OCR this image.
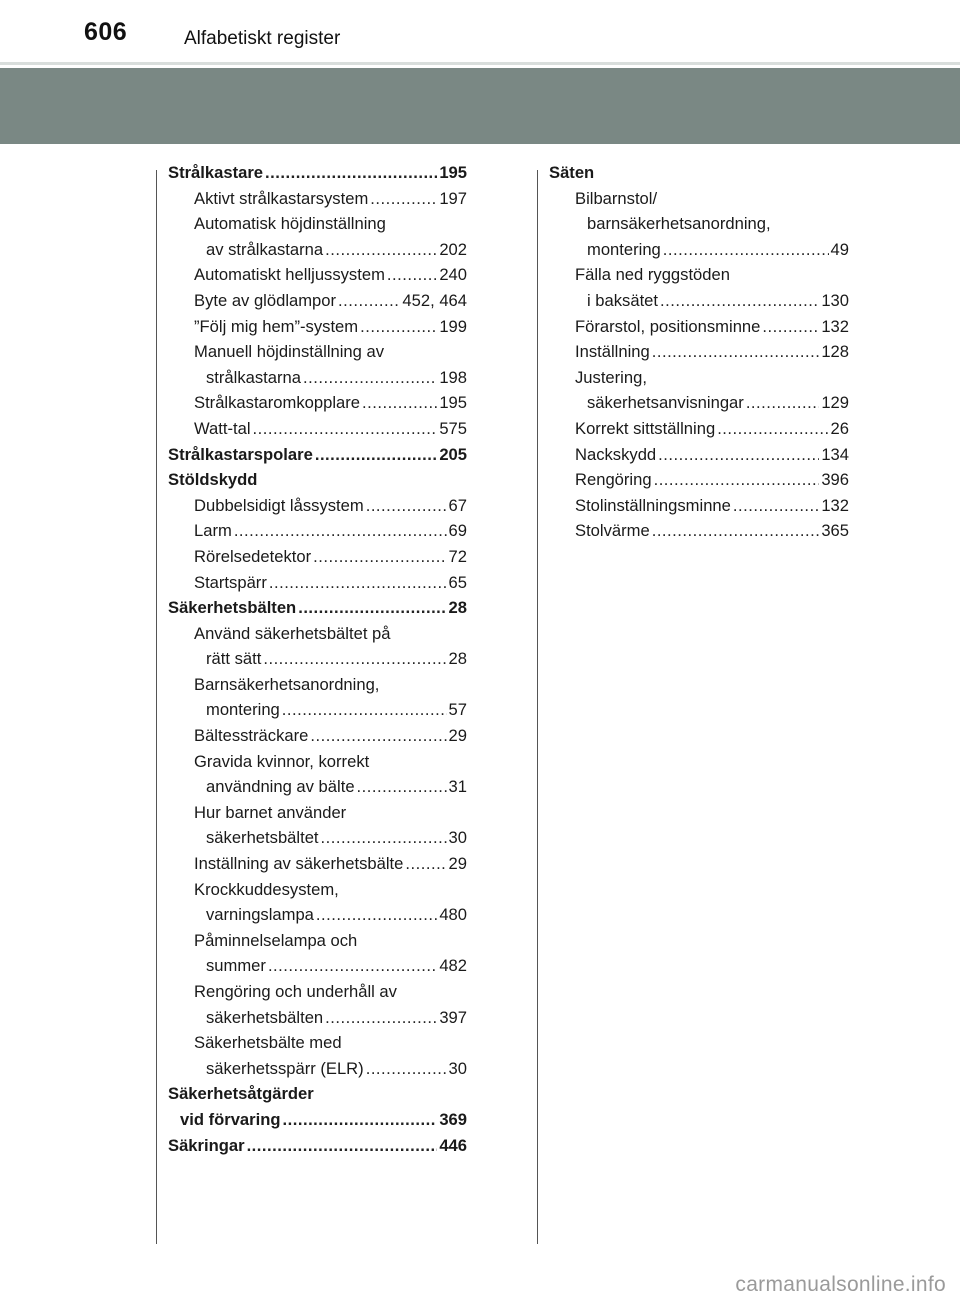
606	Alfabetiskt register
Strålkastare .....	195
Aktivt strålkastarsystem .....	197
Automatisk höjdinställning
av strålkastarna .....	202
Automatiskt helljussystem .....	240
Byte av glödlampor .....	452, 464
”Följ mig hem”-system .....	199
Manuell höjdinställning av
strålkastarna .....	198
Strålkastaromkopplare .....	195
Watt-tal .....	575
Strålkastarspolare .....	205
Stöldskydd
Dubbelsidigt låssystem .....	67
Larm .....	69
Rörelsedetektor .....	72
Startspärr .....	65
Säkerhetsbälten .....	28
Använd säkerhetsbältet på
rätt sätt .....	28
Barnsäkerhetsanordning,
montering .....	57
Bältessträckare .....	29
Gravida kvinnor, korrekt
användning av bälte .....	31
Hur barnet använder
säkerhetsbältet .....	30
Inställning av säkerhetsbälte .....	29
Krockkuddesystem,
varningslampa .....	480
Påminnelselampa och
summer .....	482
Rengöring och underhåll av
säkerhetsbälten .....	397
Säkerhetsbälte med
säkerhetsspärr (ELR) .....	30
Säkerhetsåtgärder
vid förvaring .....	369
Säkringar .....	446
Säten
Bilbarnstol/
barnsäkerhetsanordning,
montering .....	49
Fälla ned ryggstöden
i baksätet .....	130
Förarstol, positionsminne .....	132
Inställning .....	128
Justering,
säkerhetsanvisningar .....	129
Korrekt sittställning .....	26
Nackskydd .....	134
Rengöring .....	396
Stolinställningsminne .....	132
Stolvärme .....	365
carmanualsonline.info
